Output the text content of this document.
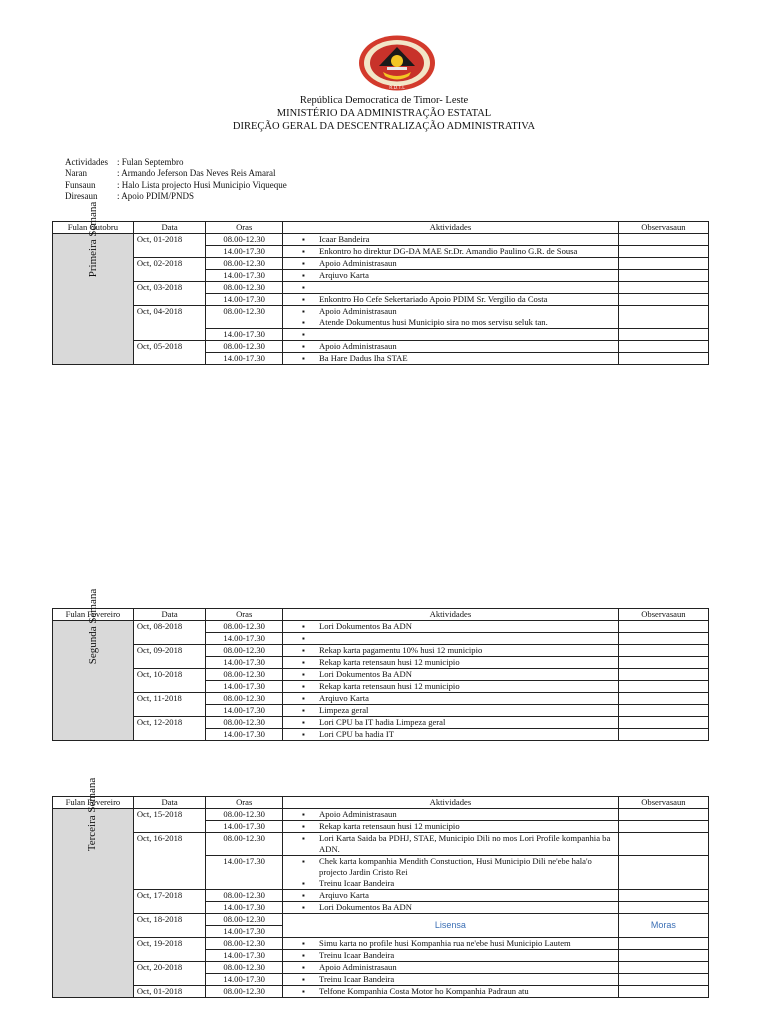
R.D.T.L
República Democratica de Timor- Leste
MINISTÉRIO DA ADMINISTRAÇÃO ESTATAL
DIREÇÃO GERAL DA DESCENTRALIZAÇÃO ADMINISTRATIVA
Actividades	: Fulan Septembro
Naran	: Armando Jeferson Das Neves Reis Amaral
Funsaun	: Halo Lista projecto Husi Municipio Viqueque
Diresaun	: Apoio PDIM/PNDS
Fulan Outobru	Data	Oras	Aktividades	Observasaun
Primeira Semana	Oct, 01-2018	08.00-12.30	▪ Icaar Bandeira	

		14.00-17.30	▪ Enkontro ho direktur DG-DA MAE Sr.Dr. Amandio Paulino G.R. de Sousa	

	Oct, 02-2018	08.00-12.30	▪ Apoio Administrasaun	

		14.00-17.30	▪ Arqiuvo Karta	

	Oct, 03-2018	08.00-12.30	▪	

		14.00-17.30	▪ Enkontro Ho Cefe Sekertariado Apoio PDIM Sr. Vergilio da Costa	

	Oct, 04-2018	08.00-12.30	▪ Apoio Administrasaun
▪ Atende Dokumentus husi Municipio sira no mos servisu seluk tan.	

		14.00-17.30	▪	

	Oct, 05-2018	08.00-12.30	▪ Apoio Administrasaun	

		14.00-17.30	▪ Ba Hare Dadus Iha STAE	

Fulan Fevereiro	Data	Oras	Aktividades	Observasaun
Segunda Semana	Oct, 08-2018	08.00-12.30	▪ Lori Dokumentos Ba ADN	

		14.00-17.30	▪	

	Oct, 09-2018	08.00-12.30	▪ Rekap karta pagamentu 10% husi 12 municipio	

		14.00-17.30	▪ Rekap karta retensaun husi 12 municipio	

	Oct, 10-2018	08.00-12.30	▪ Lori Dokumentos Ba ADN	

		14.00-17.30	▪ Rekap karta retensaun husi 12 municipio	

	Oct, 11-2018	08.00-12.30	▪ Arqiuvo Karta	

		14.00-17.30	▪ Limpeza geral	

	Oct, 12-2018	08.00-12.30	▪ Lori CPU ba IT hadia Limpeza geral	

		14.00-17.30	▪ Lori CPU ba hadia IT	

Fulan Fevereiro	Data	Oras	Aktividades	Observasaun
Terceira Semana	Oct, 15-2018	08.00-12.30	▪ Apoio Administrasaun	

		14.00-17.30	▪ Rekap karta retensaun husi 12 municipio	

	Oct, 16-2018	08.00-12.30	▪ Lori Karta Saida ba PDHJ, STAE, Municipio Dili no mos Lori Profile kompanhia ba ADN.	

		14.00-17.30	▪ Chek karta kompanhia Mendith Constuction, Husi Municipio Dili ne'ebe hala'o projecto Jardin Cristo Rei
▪ Treinu Icaar Bandeira	

	Oct, 17-2018	08.00-12.30	▪ Arqiuvo Karta	

		14.00-17.30	▪ Lori Dokumentos Ba ADN	

	Oct, 18-2018	08.00-12.30	Lisensa	Moras

		14.00-17.30		
	Oct, 19-2018	08.00-12.30	▪ Simu karta no profile husi Kompanhia rua ne'ebe husi Municipio Lautem	

		14.00-17.30	▪ Treinu Icaar Bandeira	

	Oct, 20-2018	08.00-12.30	▪ Apoio Administrasaun	

		14.00-17.30	▪ Treinu Icaar Bandeira	

	Oct, 01-2018	08.00-12.30	▪ Telfone Kompanhia Costa Motor ho Kompanhia Padraun atu	
